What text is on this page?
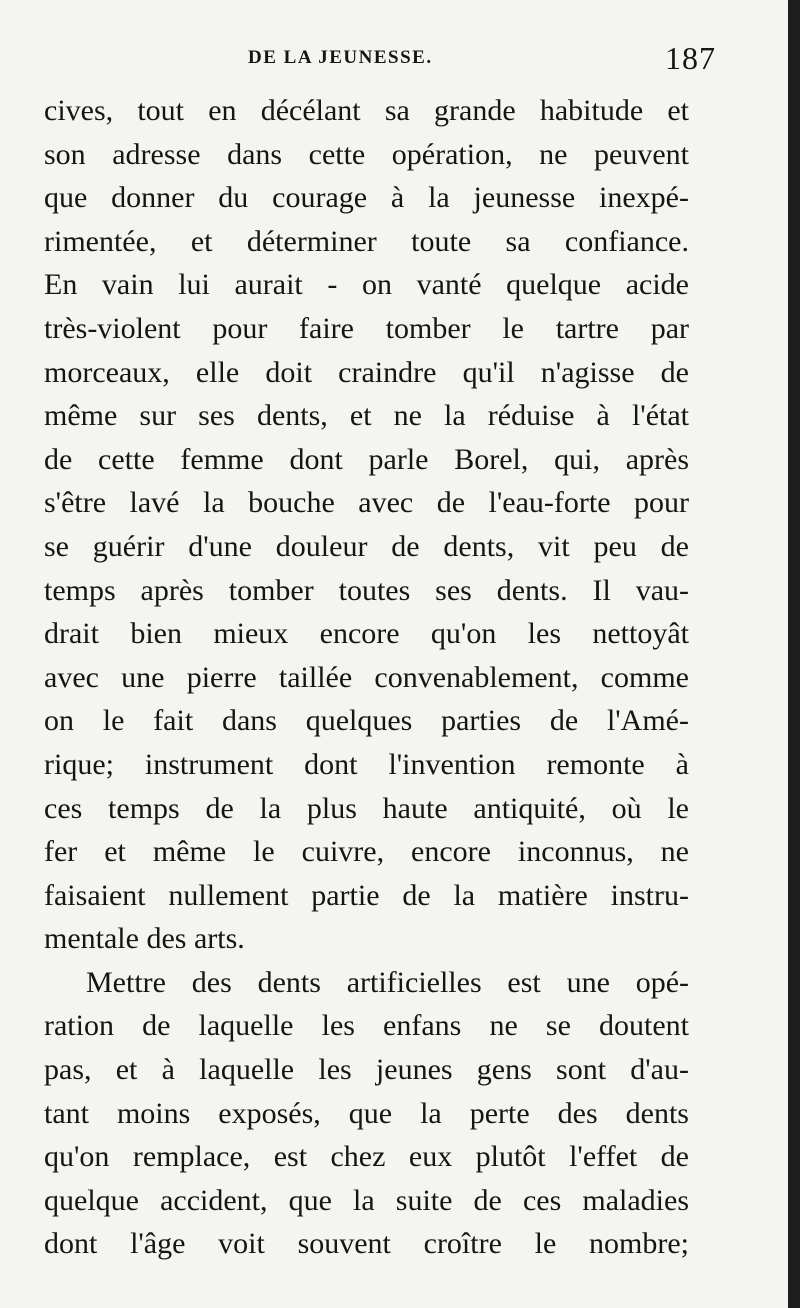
DE LA JEUNESSE.	187
cives, tout en décélant sa grande habitude et
son adresse dans cette opération, ne peuvent
que donner du courage à la jeunesse inexpé-
rimentée, et déterminer toute sa confiance.
En vain lui aurait - on vanté quelque acide
très-violent pour faire tomber le tartre par
morceaux, elle doit craindre qu'il n'agisse de
même sur ses dents, et ne la réduise à l'état
de cette femme dont parle Borel, qui, après
s'être lavé la bouche avec de l'eau-forte pour
se guérir d'une douleur de dents, vit peu de
temps après tomber toutes ses dents. Il vau-
drait bien mieux encore qu'on les nettoyât
avec une pierre taillée convenablement, comme
on le fait dans quelques parties de l'Amé-
rique; instrument dont l'invention remonte à
ces temps de la plus haute antiquité, où le
fer et même le cuivre, encore inconnus, ne
faisaient nullement partie de la matière instru-
mentale des arts.
Mettre des dents artificielles est une opé-
ration de laquelle les enfans ne se doutent
pas, et à laquelle les jeunes gens sont d'au-
tant moins exposés, que la perte des dents
qu'on remplace, est chez eux plutôt l'effet de
quelque accident, que la suite de ces maladies
dont l'âge voit souvent croître le nombre;
